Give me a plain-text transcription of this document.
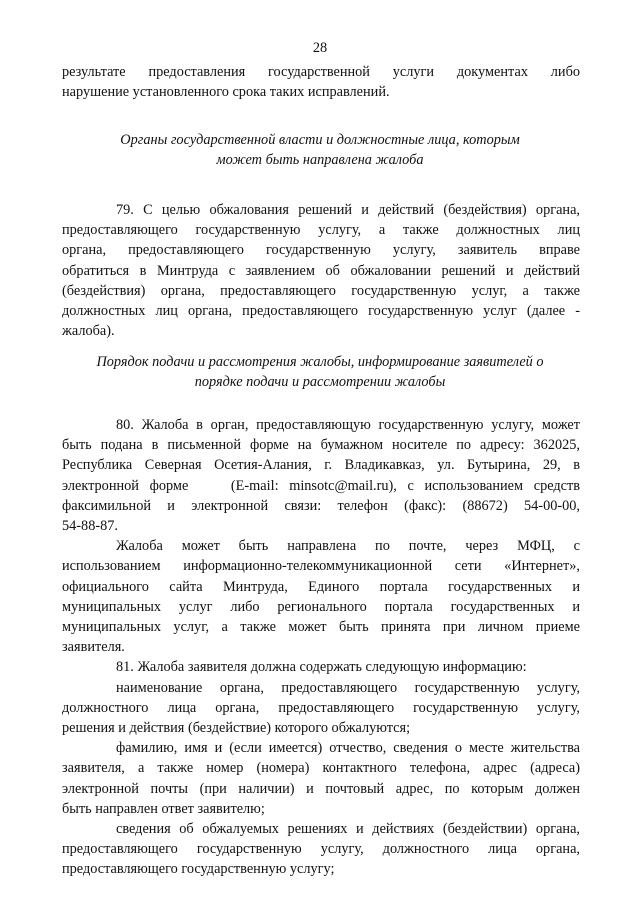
28
результате предоставления государственной услуги документах либо
нарушение установленного срока таких исправлений.
Органы государственной власти и должностные лица, которым
может быть направлена жалоба
79. С целью обжалования решений и действий (бездействия) органа,
предоставляющего государственную услугу, а также должностных лиц
органа, предоставляющего государственную услугу, заявитель вправе
обратиться в Минтруда с заявлением об обжаловании решений и действий
(бездействия) органа, предоставляющего государственную услуг, а также
должностных лиц органа, предоставляющего государственную услуг (далее -
жалоба).
Порядок подачи и рассмотрения жалобы, информирование заявителей о
порядке подачи и рассмотрении жалобы
80. Жалоба в орган, предоставляющую государственную услугу, может
быть подана в письменной форме на бумажном носителе по адресу: 362025,
Республика Северная Осетия-Алания, г. Владикавказ, ул. Бутырина, 29, в
электронной форме    (E-mail: minsotc@mail.ru), с использованием средств
факсимильной и электронной связи: телефон (факс): (88672) 54-00-00,
54-88-87.
Жалоба может быть направлена по почте, через МФЦ, с
использованием информационно-телекоммуникационной сети «Интернет»,
официального сайта Минтруда, Единого портала государственных и
муниципальных услуг либо регионального портала государственных и
муниципальных услуг, а также может быть принята при личном приеме
заявителя.
81. Жалоба заявителя должна содержать следующую информацию:
наименование органа, предоставляющего государственную услугу,
должностного лица органа, предоставляющего государственную услугу,
решения и действия (бездействие) которого обжалуются;
фамилию, имя и (если имеется) отчество, сведения о месте жительства
заявителя, а также номер (номера) контактного телефона, адрес (адреса)
электронной почты (при наличии) и почтовый адрес, по которым должен
быть направлен ответ заявителю;
сведения об обжалуемых решениях и действиях (бездействии) органа,
предоставляющего государственную услугу, должностного лица органа,
предоставляющего государственную услугу;
